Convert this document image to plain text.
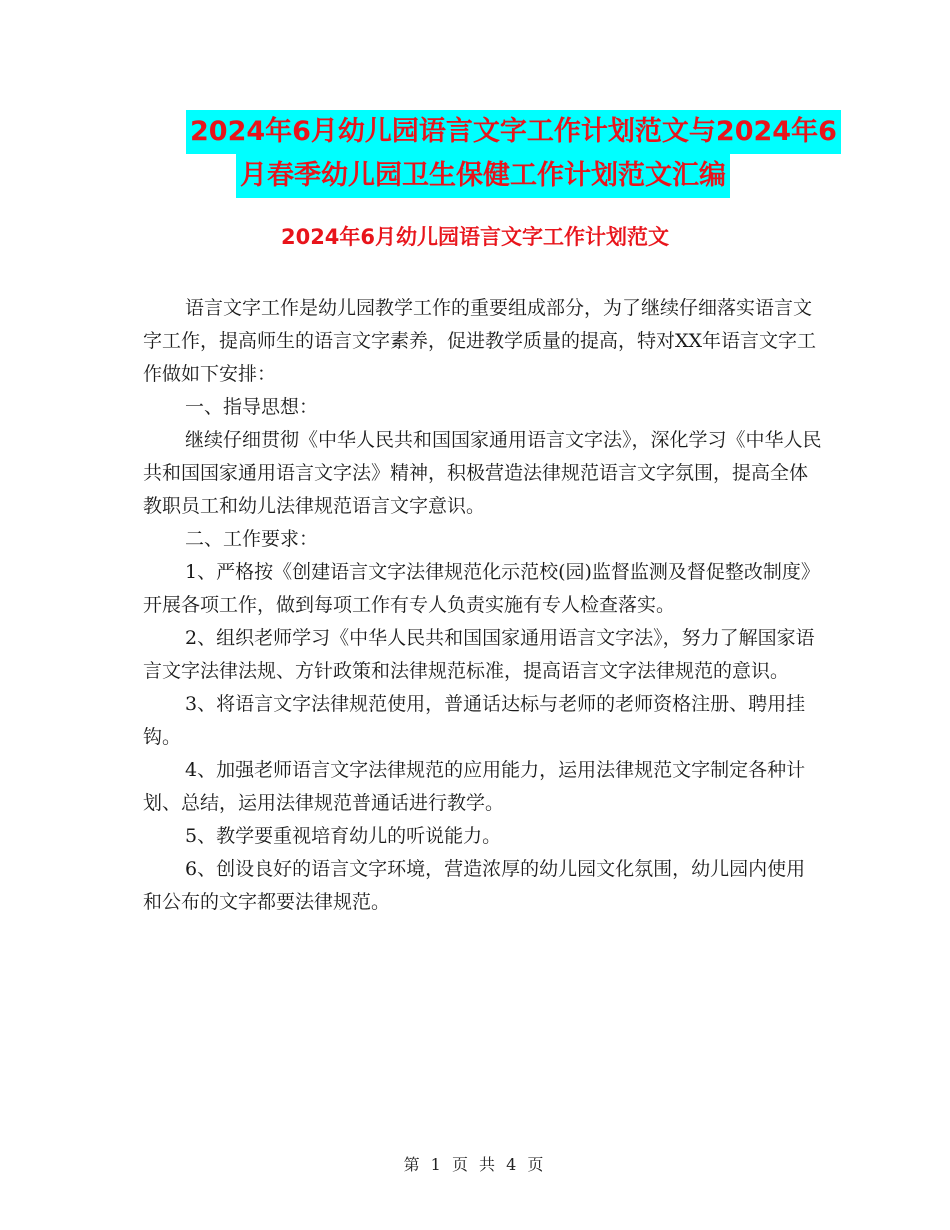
2024年6月幼儿园语言文字工作计划范文与2024年6
月春季幼儿园卫生保健工作计划范文汇编
2024年6月幼儿园语言文字工作计划范文

语言文字工作是幼儿园教学工作的重要组成部分，为了继续仔细落实语言文字工作，提高师生的语言文字素养，促进教学质量的提高，特对XX年语言文字工作做如下安排：

一、指导思想：

继续仔细贯彻《中华人民共和国国家通用语言文字法》，深化学习《中华人民共和国国家通用语言文字法》精神，积极营造法律规范语言文字氛围，提高全体教职员工和幼儿法律规范语言文字意识。

二、工作要求：

1、严格按《创建语言文字法律规范化示范校(园)监督监测及督促整改制度》开展各项工作，做到每项工作有专人负责实施有专人检查落实。

2、组织老师学习《中华人民共和国国家通用语言文字法》，努力了解国家语言文字法律法规、方针政策和法律规范标准，提高语言文字法律规范的意识。

3、将语言文字法律规范使用，普通话达标与老师的老师资格注册、聘用挂钩。

4、加强老师语言文字法律规范的应用能力，运用法律规范文字制定各种计划、总结，运用法律规范普通话进行教学。

5、教学要重视培育幼儿的听说能力。

6、创设良好的语言文字环境，营造浓厚的幼儿园文化氛围，幼儿园内使用和公布的文字都要法律规范。

第 1 页 共 4 页
